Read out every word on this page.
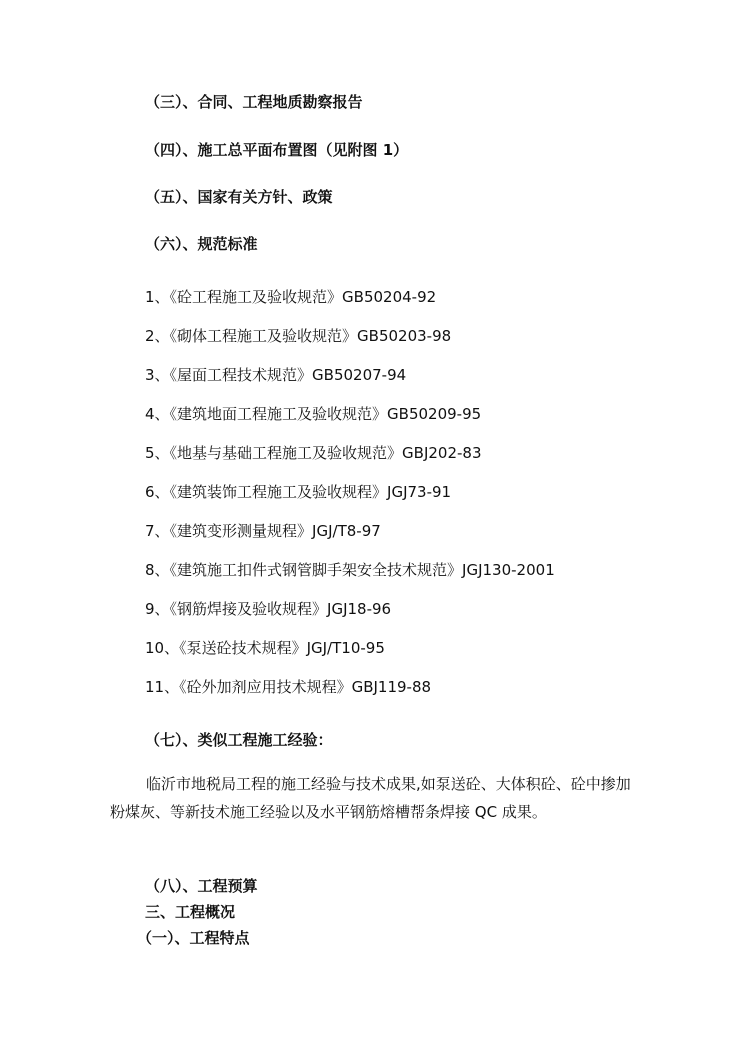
（三）、合同、工程地质勘察报告
（四）、施工总平面布置图（见附图 1）
（五）、国家有关方针、政策
（六）、规范标准
1、《砼工程施工及验收规范》GB50204-92
2、《砌体工程施工及验收规范》GB50203-98
3、《屋面工程技术规范》GB50207-94
4、《建筑地面工程施工及验收规范》GB50209-95
5、《地基与基础工程施工及验收规范》GBJ202-83
6、《建筑装饰工程施工及验收规程》JGJ73-91
7、《建筑变形测量规程》JGJ/T8-97
8、《建筑施工扣件式钢管脚手架安全技术规范》JGJ130-2001
9、《钢筋焊接及验收规程》JGJ18-96
10、《泵送砼技术规程》JGJ/T10-95
11、《砼外加剂应用技术规程》GBJ119-88
（七）、类似工程施工经验：
临沂市地税局工程的施工经验与技术成果,如泵送砼、大体积砼、砼中掺加粉煤灰、等新技术施工经验以及水平钢筋熔槽帮条焊接 QC 成果。
（八）、工程预算
三、工程概况
（一）、工程特点
